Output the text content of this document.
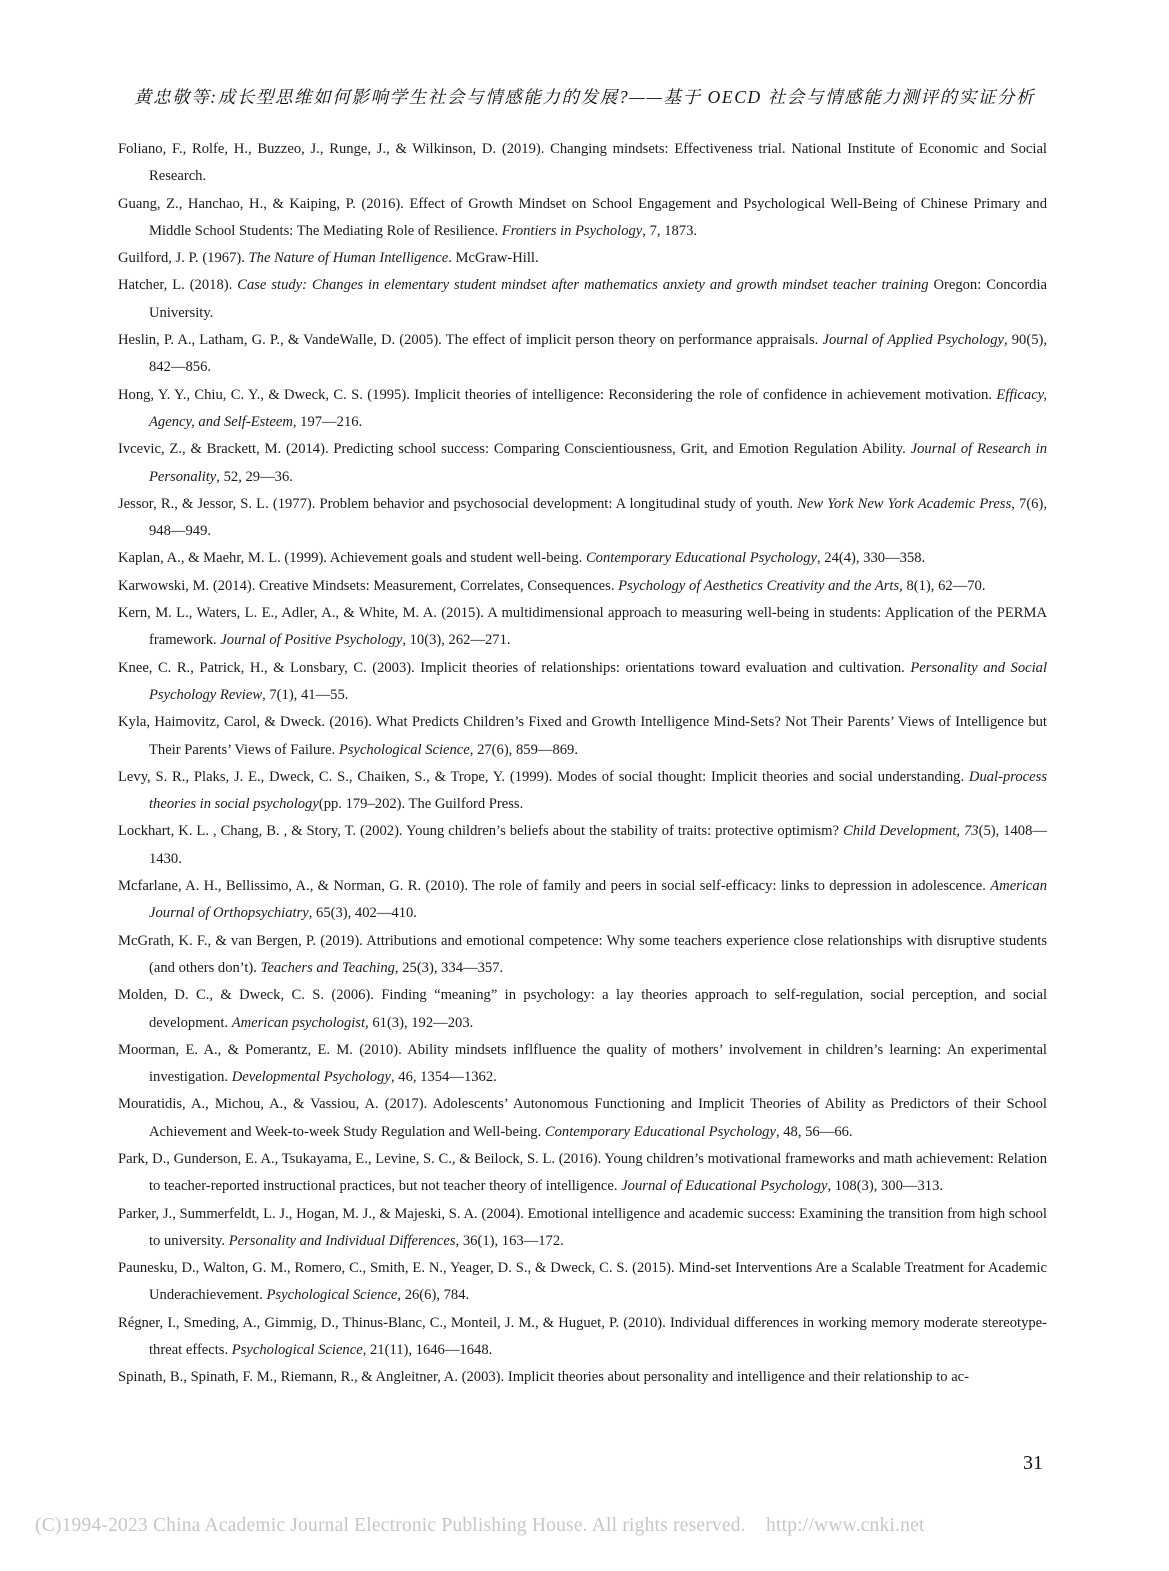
黄忠敬等:成长型思维如何影响学生社会与情感能力的发展?——基于 OECD 社会与情感能力测评的实证分析

Foliano, F., Rolfe, H., Buzzeo, J., Runge, J., & Wilkinson, D. (2019). Changing mindsets: Effectiveness trial. National Institute of Economic and Social Research.

Guang, Z., Hanchao, H., & Kaiping, P. (2016). Effect of Growth Mindset on School Engagement and Psychological Well-Being of Chinese Primary and Middle School Students: The Mediating Role of Resilience. Frontiers in Psychology, 7, 1873.

Guilford, J. P. (1967). The Nature of Human Intelligence. McGraw-Hill.

Hatcher, L. (2018). Case study: Changes in elementary student mindset after mathematics anxiety and growth mindset teacher training Oregon: Concordia University.

Heslin, P. A., Latham, G. P., & VandeWalle, D. (2005). The effect of implicit person theory on performance appraisals. Journal of Applied Psychology, 90(5), 842—856.

Hong, Y. Y., Chiu, C. Y., & Dweck, C. S. (1995). Implicit theories of intelligence: Reconsidering the role of confidence in achievement motivation. Efficacy, Agency, and Self-Esteem, 197—216.

Ivcevic, Z., & Brackett, M. (2014). Predicting school success: Comparing Conscientiousness, Grit, and Emotion Regulation Ability. Journal of Research in Personality, 52, 29—36.

Jessor, R., & Jessor, S. L. (1977). Problem behavior and psychosocial development: A longitudinal study of youth. New York New York Academic Press, 7(6), 948—949.

Kaplan, A., & Maehr, M. L. (1999). Achievement goals and student well-being. Contemporary Educational Psychology, 24(4), 330—358.

Karwowski, M. (2014). Creative Mindsets: Measurement, Correlates, Consequences. Psychology of Aesthetics Creativity and the Arts, 8(1), 62—70.

Kern, M. L., Waters, L. E., Adler, A., & White, M. A. (2015). A multidimensional approach to measuring well-being in students: Application of the PERMA framework. Journal of Positive Psychology, 10(3), 262—271.

Knee, C. R., Patrick, H., & Lonsbary, C. (2003). Implicit theories of relationships: orientations toward evaluation and cultivation. Personality and Social Psychology Review, 7(1), 41—55.

Kyla, Haimovitz, Carol, & Dweck. (2016). What Predicts Children’s Fixed and Growth Intelligence Mind-Sets? Not Their Parents’ Views of Intelligence but Their Parents’ Views of Failure. Psychological Science, 27(6), 859—869.

Levy, S. R., Plaks, J. E., Dweck, C. S., Chaiken, S., & Trope, Y. (1999). Modes of social thought: Implicit theories and social understanding. Dual-process theories in social psychology(pp. 179–202). The Guilford Press.

Lockhart, K. L. , Chang, B. , & Story, T. (2002). Young children’s beliefs about the stability of traits: protective optimism? Child Development, 73(5), 1408—1430.

Mcfarlane, A. H., Bellissimo, A., & Norman, G. R. (2010). The role of family and peers in social self-efficacy: links to depression in adolescence. American Journal of Orthopsychiatry, 65(3), 402—410.

McGrath, K. F., & van Bergen, P. (2019). Attributions and emotional competence: Why some teachers experience close relationships with disruptive students (and others don’t). Teachers and Teaching, 25(3), 334—357.

Molden, D. C., & Dweck, C. S. (2006). Finding “meaning” in psychology: a lay theories approach to self-regulation, social perception, and social development. American psychologist, 61(3), 192—203.

Moorman, E. A., & Pomerantz, E. M. (2010). Ability mindsets inflfluence the quality of mothers’ involvement in children’s learning: An experimental investigation. Developmental Psychology, 46, 1354—1362.

Mouratidis, A., Michou, A., & Vassiou, A. (2017). Adolescents’ Autonomous Functioning and Implicit Theories of Ability as Predictors of their School Achievement and Week-to-week Study Regulation and Well-being. Contemporary Educational Psychology, 48, 56—66.

Park, D., Gunderson, E. A., Tsukayama, E., Levine, S. C., & Beilock, S. L. (2016). Young children’s motivational frameworks and math achievement: Relation to teacher-reported instructional practices, but not teacher theory of intelligence. Journal of Educational Psychology, 108(3), 300—313.

Parker, J., Summerfeldt, L. J., Hogan, M. J., & Majeski, S. A. (2004). Emotional intelligence and academic success: Examining the transition from high school to university. Personality and Individual Differences, 36(1), 163—172.

Paunesku, D., Walton, G. M., Romero, C., Smith, E. N., Yeager, D. S., & Dweck, C. S. (2015). Mind-set Interventions Are a Scalable Treatment for Academic Underachievement. Psychological Science, 26(6), 784.

Régner, I., Smeding, A., Gimmig, D., Thinus-Blanc, C., Monteil, J. M., & Huguet, P. (2010). Individual differences in working memory moderate stereotype-threat effects. Psychological Science, 21(11), 1646—1648.

Spinath, B., Spinath, F. M., Riemann, R., & Angleitner, A. (2003). Implicit theories about personality and intelligence and their relationship to ac-

31
(C)1994-2023 China Academic Journal Electronic Publishing House. All rights reserved.    http://www.cnki.net
